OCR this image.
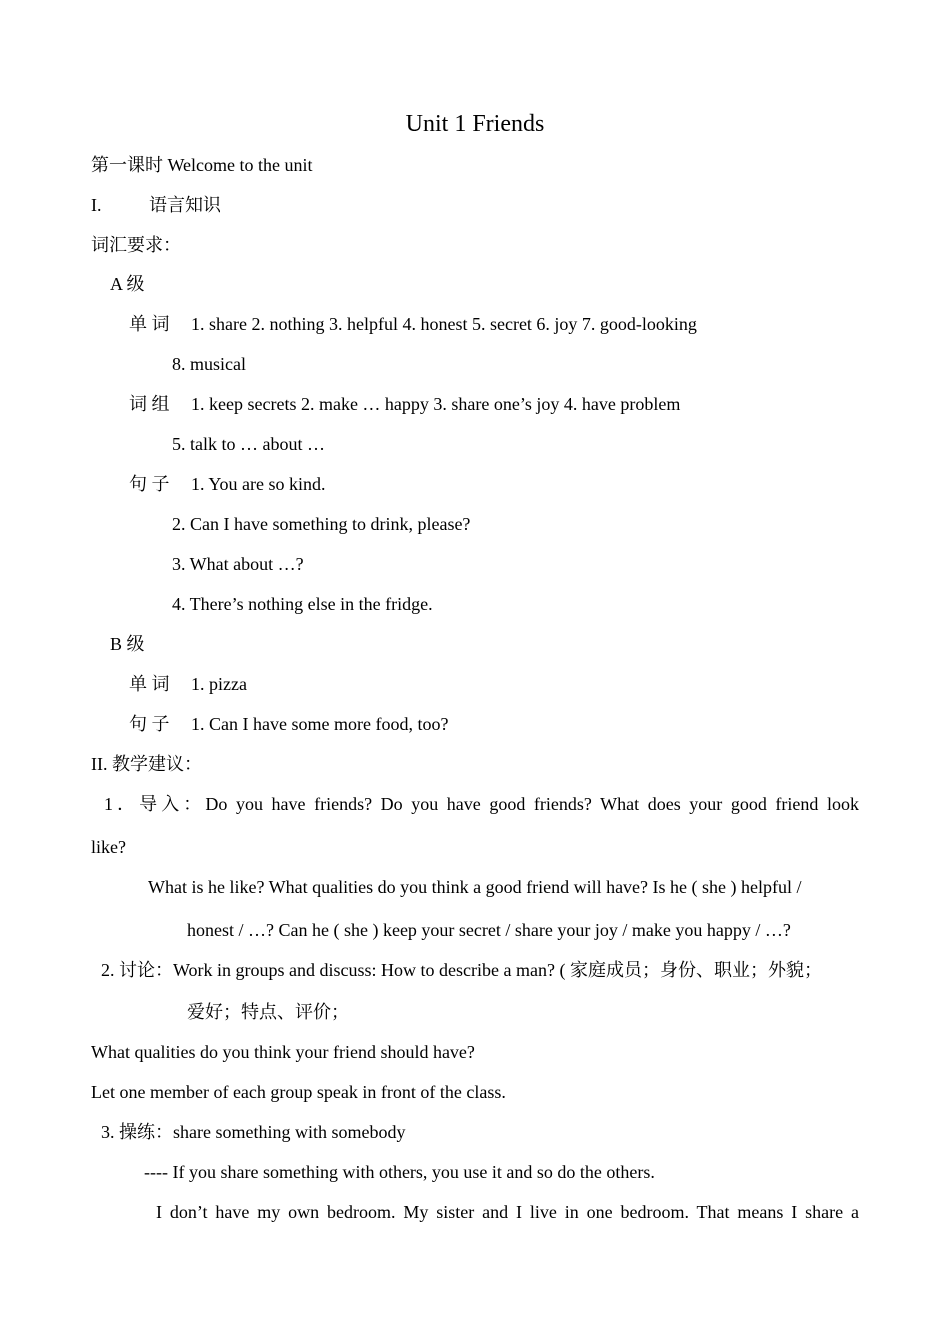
Unit 1 Friends
第一课时 Welcome to the unit
I.	语言知识
词汇要求：
A 级
单 词 1. share 2. nothing 3. helpful 4. honest 5. secret 6. joy 7. good-looking
8. musical
词 组 1. keep secrets 2. make … happy 3. share one’s joy 4. have problem
5. talk to … about …
句 子 1. You are so kind.
2. Can I have something to drink, please?
3. What about …?
4. There’s nothing else in the fridge.
B 级
单 词 1. pizza
句 子 1. Can I have some more food, too?
II. 教学建议：
1．导入：Do you have friends? Do you have good friends? What does your good friend look
like?
What is he like? What qualities do you think a good friend will have? Is he ( she ) helpful /
honest / …? Can he ( she ) keep your secret / share your joy / make you happy / …?
2. 讨论：Work in groups and discuss: How to describe a man? ( 家庭成员；身份、职业；外貌；
爱好；特点、评价；
What qualities do you think your friend should have?
Let one member of each group speak in front of the class.
3. 操练：share something with somebody
---- If you share something with others, you use it and so do the others.
I don’t have my own bedroom. My sister and I live in one bedroom. That means I share a
